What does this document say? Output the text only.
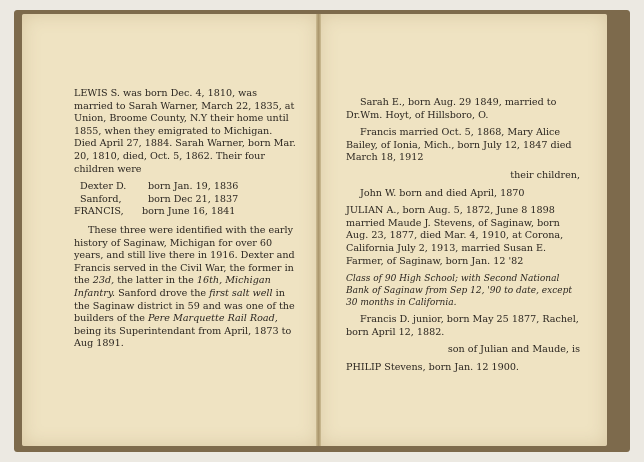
LEWIS S. was born Dec. 4, 1810, was married to Sarah Warner, March 22, 1835, at Union, Broome County, N.Y their home until 1855, when they emigrated to Michigan. Died April 27, 1884. Sarah Warner, born Mar. 20, 1810, died, Oct. 5, 1862. Their four children were

Dexter D.	born Jan. 19, 1836
Sanford,	born Dec 21, 1837
FRANCIS,	born June 16, 1841

These three were identified with the early history of Saginaw, Michigan for over 60 years, and still live there in 1916. Dexter and Francis served in the Civil War, the former in the 23d, the latter in the 16th, Michigan Infantry. Sanford drove the first salt well in the Saginaw district in 59 and was one of the builders of the Pere Marquette Rail Road, being its Superintendant from April, 1873 to Aug 1891.

Sarah E., born Aug. 29 1849, married to Dr.Wm. Hoyt, of Hillsboro, O.

Francis married Oct. 5, 1868, Mary Alice Bailey, of Ionia, Mich., born July 12, 1847 died March 18, 1912

their children,

John W. born and died April, 1870

JULIAN A., born Aug. 5, 1872, June 8 1898 married Maude J. Stevens, of Saginaw, born Aug. 23, 1877, died Mar. 4, 1910, at Corona, California July 2, 1913, married Susan E. Farmer, of Saginaw, born Jan. 12 '82

Class of 90 High School; with Second National Bank of Saginaw from Sep 12, '90 to date, except 30 months in California.

Francis D. junior, born May 25 1877, Rachel, born April 12, 1882.

son of Julian and Maude, is

PHILIP Stevens, born Jan. 12 1900.
